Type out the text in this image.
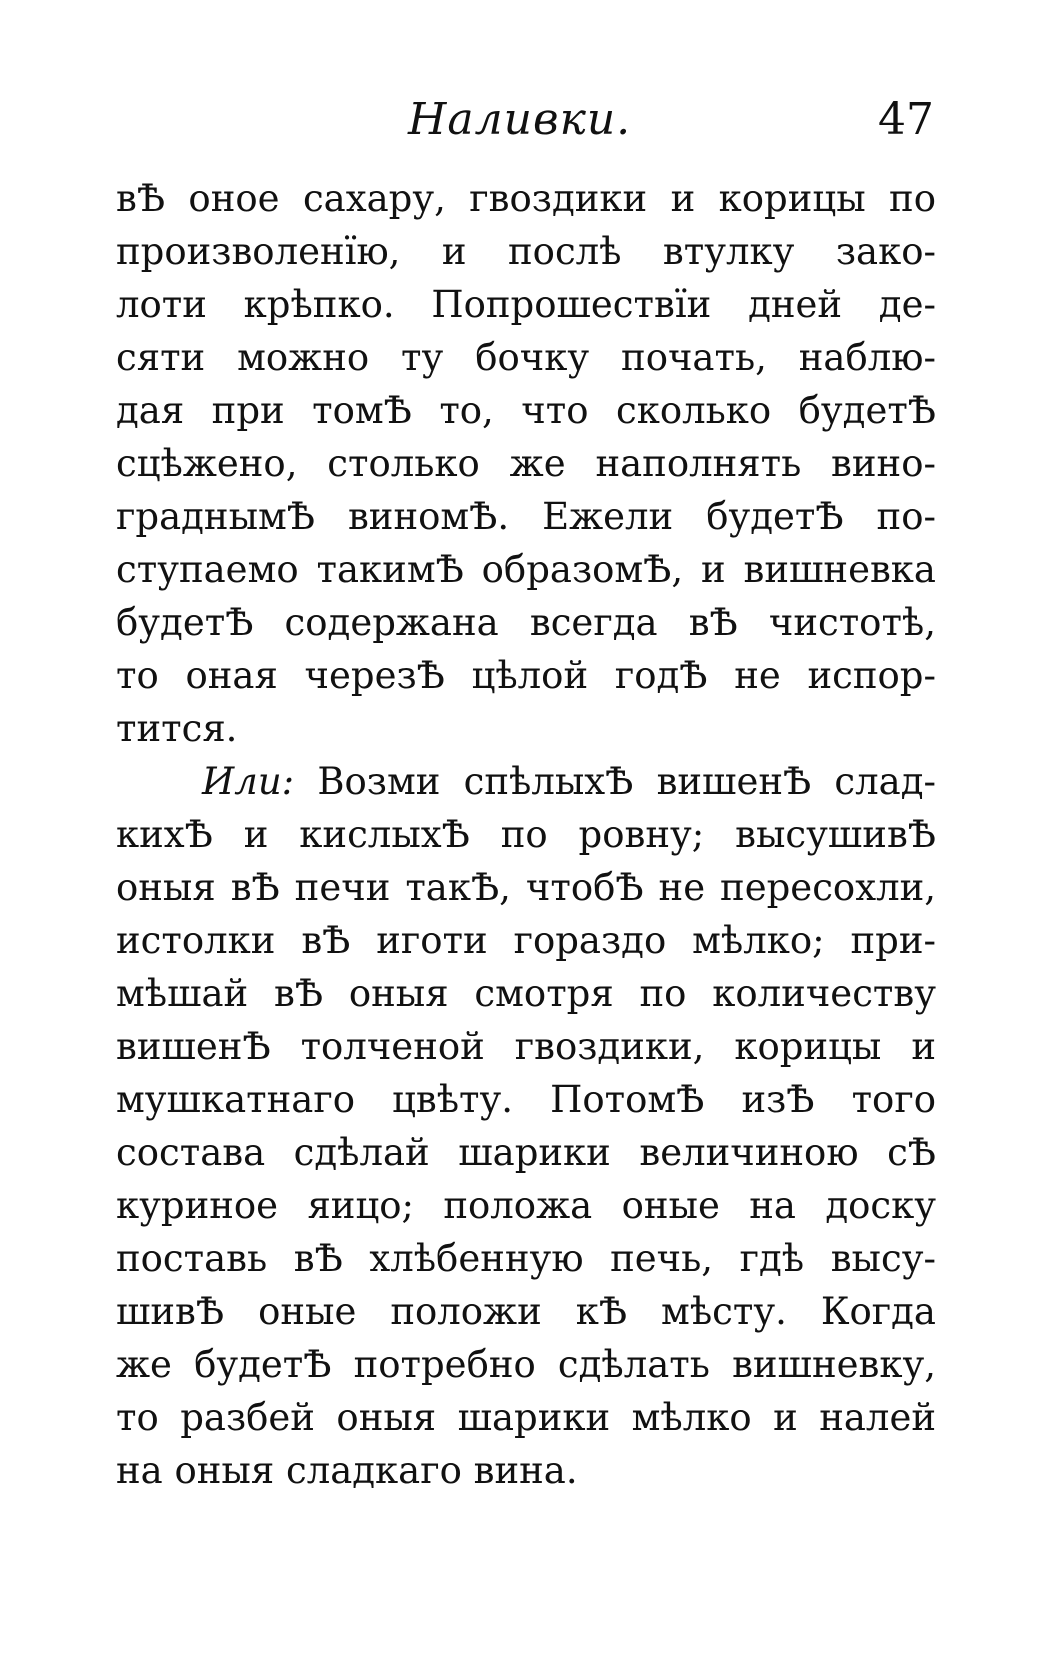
Наливки.	47
вѢ оное сахару, гвоздики и корицы по
произволенїю, и послѣ втулку зако-
лоти крѣпко. Попрошествїи дней де-
сяти можно ту бочку почать, наблю-
дая при томѢ то, что сколько будетѢ
сцѣжено, столько же наполнять вино-
граднымѢ виномѢ. Ежели будетѢ по-
ступаемо такимѢ образомѢ, и вишневка
будетѢ содержана всегда вѢ чистотѣ,
то оная черезѢ цѣлой годѢ не испор-
тится.
Или: Возми спѣлыхѢ вишенѢ слад-
кихѢ и кислыхѢ по ровну; высушивѢ
оныя вѢ печи такѢ, чтобѢ не пересохли,
истолки вѢ иготи гораздо мѣлко; при-
мѣшай вѢ оныя смотря по количеству
вишенѢ толченой гвоздики, корицы и
мушкатнаго цвѣту. ПотомѢ изѢ того
состава сдѣлай шарики величиною сѢ
куриное яицо; положа оные на доску
поставь вѢ хлѣбенную печь, гдѣ высу-
шивѢ оные положи кѢ мѣсту. Когда
же будетѢ потребно сдѣлать вишневку,
то разбей оныя шарики мѣлко и налей
на оныя сладкаго вина.
